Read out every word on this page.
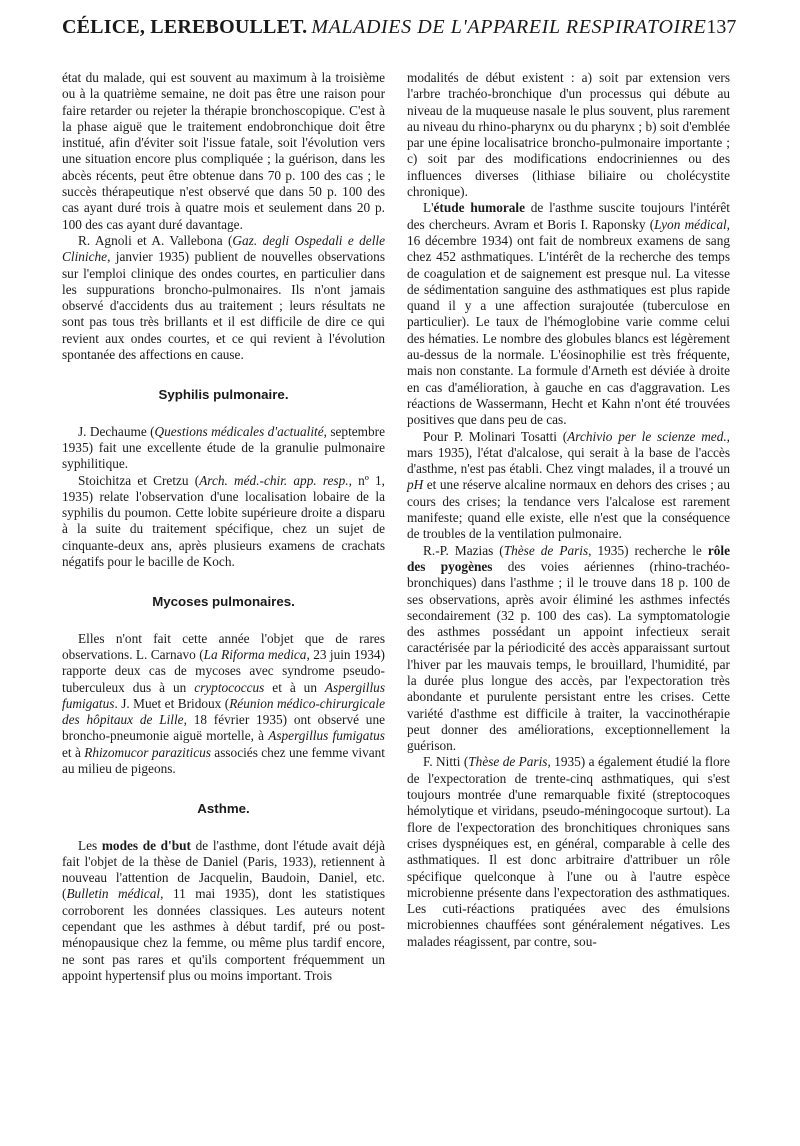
CÉLICE, LEREBOULLET. MALADIES DE L'APPAREIL RESPIRATOIRE 137

état du malade, qui est souvent au maximum à la troisième ou à la quatrième semaine, ne doit pas être une raison pour faire retarder ou rejeter la thérapie bronchoscopique. C'est à la phase aiguë que le traitement endobronchique doit être institué, afin d'éviter soit l'issue fatale, soit l'évolution vers une situation encore plus compliquée ; la guérison, dans les abcès récents, peut être obtenue dans 70 p. 100 des cas ; le succès thérapeutique n'est observé que dans 50 p. 100 des cas ayant duré trois à quatre mois et seulement dans 20 p. 100 des cas ayant duré davantage.

R. Agnoli et A. Vallebona (Gaz. degli Ospedali e delle Cliniche, janvier 1935) publient de nouvelles observations sur l'emploi clinique des ondes courtes, en particulier dans les suppurations broncho-pulmonaires. Ils n'ont jamais observé d'accidents dus au traitement ; leurs résultats ne sont pas tous très brillants et il est difficile de dire ce qui revient aux ondes courtes, et ce qui revient à l'évolution spontanée des affections en cause.

Syphilis pulmonaire.

J. Dechaume (Questions médicales d'actualité, septembre 1935) fait une excellente étude de la granulie pulmonaire syphilitique.

Stoichitza et Cretzu (Arch. méd.-chir. app. resp., nº 1, 1935) relate l'observation d'une localisation lobaire de la syphilis du poumon. Cette lobite supérieure droite a disparu à la suite du traitement spécifique, chez un sujet de cinquante-deux ans, après plusieurs examens de crachats négatifs pour le bacille de Koch.

Mycoses pulmonaires.

Elles n'ont fait cette année l'objet que de rares observations. L. Carnavo (La Riforma medica, 23 juin 1934) rapporte deux cas de mycoses avec syndrome pseudo-tuberculeux dus à un cryptococcus et à un Aspergillus fumigatus. J. Muet et Bridoux (Réunion médico-chirurgicale des hôpitaux de Lille, 18 février 1935) ont observé une broncho-pneumonie aiguë mortelle, à Aspergillus fumigatus et à Rhizomucor paraziticus associés chez une femme vivant au milieu de pigeons.

Asthme.

Les modes de d'but de l'asthme, dont l'étude avait déjà fait l'objet de la thèse de Daniel (Paris, 1933), retiennent à nouveau l'attention de Jacquelin, Baudoin, Daniel, etc. (Bulletin médical, 11 mai 1935), dont les statistiques corroborent les données classiques. Les auteurs notent cependant que les asthmes à début tardif, pré ou post-ménopausique chez la femme, ou même plus tardif encore, ne sont pas rares et qu'ils comportent fréquemment un appoint hypertensif plus ou moins important. Trois

modalités de début existent : a) soit par extension vers l'arbre trachéo-bronchique d'un processus qui débute au niveau de la muqueuse nasale le plus souvent, plus rarement au niveau du rhino-pharynx ou du pharynx ; b) soit d'emblée par une épine localisatrice broncho-pulmonaire importante ; c) soit par des modifications endocriniennes ou des influences diverses (lithiase biliaire ou cholécystite chronique).

L'étude humorale de l'asthme suscite toujours l'intérêt des chercheurs. Avram et Boris I. Raponsky (Lyon médical, 16 décembre 1934) ont fait de nombreux examens de sang chez 452 asthmatiques. L'intérêt de la recherche des temps de coagulation et de saignement est presque nul. La vitesse de sédimentation sanguine des asthmatiques est plus rapide quand il y a une affection surajoutée (tuberculose en particulier). Le taux de l'hémoglobine varie comme celui des hématies. Le nombre des globules blancs est légèrement au-dessus de la normale. L'éosinophilie est très fréquente, mais non constante. La formule d'Arneth est déviée à droite en cas d'amélioration, à gauche en cas d'aggravation. Les réactions de Wassermann, Hecht et Kahn n'ont été trouvées positives que dans peu de cas.

Pour P. Molinari Tosatti (Archivio per le scienze med., mars 1935), l'état d'alcalose, qui serait à la base de l'accès d'asthme, n'est pas établi. Chez vingt malades, il a trouvé un pH et une réserve alcaline normaux en dehors des crises ; au cours des crises; la tendance vers l'alcalose est rarement manifeste; quand elle existe, elle n'est que la conséquence de troubles de la ventilation pulmonaire.

R.-P. Mazias (Thèse de Paris, 1935) recherche le rôle des pyogènes des voies aériennes (rhino-trachéo-bronchiques) dans l'asthme ; il le trouve dans 18 p. 100 de ses observations, après avoir éliminé les asthmes infectés secondairement (32 p. 100 des cas). La symptomatologie des asthmes possédant un appoint infectieux serait caractérisée par la périodicité des accès apparaissant surtout l'hiver par les mauvais temps, le brouillard, l'humidité, par la durée plus longue des accès, par l'expectoration très abondante et purulente persistant entre les crises. Cette variété d'asthme est difficile à traiter, la vaccinothérapie peut donner des améliorations, exceptionnellement la guérison.

F. Nitti (Thèse de Paris, 1935) a également étudié la flore de l'expectoration de trente-cinq asthmatiques, qui s'est toujours montrée d'une remarquable fixité (streptocoques hémolytique et viridans, pseudo-méningocoque surtout). La flore de l'expectoration des bronchitiques chroniques sans crises dyspnéiques est, en général, comparable à celle des asthmatiques. Il est donc arbitraire d'attribuer un rôle spécifique quelconque à l'une ou à l'autre espèce microbienne présente dans l'expectoration des asthmatiques. Les cuti-réactions pratiquées avec des émulsions microbiennes chauffées sont généralement négatives. Les malades réagissent, par contre, sou-
